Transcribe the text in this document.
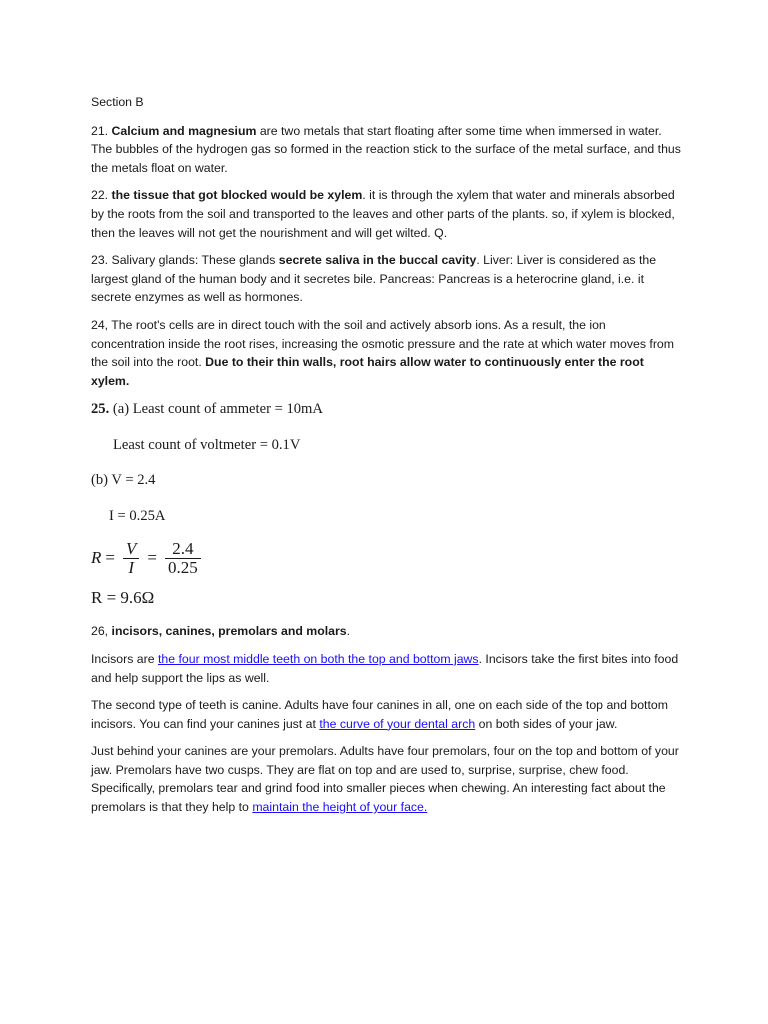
Section B

21. Calcium and magnesium are two metals that start floating after some time when immersed in water. The bubbles of the hydrogen gas so formed in the reaction stick to the surface of the metal surface, and thus the metals float on water.

22. the tissue that got blocked would be xylem. it is through the xylem that water and minerals absorbed by the roots from the soil and transported to the leaves and other parts of the plants. so, if xylem is blocked, then the leaves will not get the nourishment and will get wilted. Q.

23. Salivary glands: These glands secrete saliva in the buccal cavity. Liver: Liver is considered as the largest gland of the human body and it secretes bile. Pancreas: Pancreas is a heterocrine gland, i.e. it secrete enzymes as well as hormones.

24, The root's cells are in direct touch with the soil and actively absorb ions. As a result, the ion concentration inside the root rises, increasing the osmotic pressure and the rate at which water moves from the soil into the root. Due to their thin walls, root hairs allow water to continuously enter the root xylem.

25. (a) Least count of ammeter = 10mA

Least count of voltmeter = 0.1V

(b) V = 2.4

I = 0.25A

$R = \frac{V}{I} = \frac{2.4}{0.25}$

R = 9.6Ω

26, incisors, canines, premolars and molars.

Incisors are the four most middle teeth on both the top and bottom jaws. Incisors take the first bites into food and help support the lips as well.

The second type of teeth is canine. Adults have four canines in all, one on each side of the top and bottom incisors. You can find your canines just at the curve of your dental arch on both sides of your jaw.

Just behind your canines are your premolars. Adults have four premolars, four on the top and bottom of your jaw. Premolars have two cusps. They are flat on top and are used to, surprise, surprise, chew food. Specifically, premolars tear and grind food into smaller pieces when chewing. An interesting fact about the premolars is that they help to maintain the height of your face.
